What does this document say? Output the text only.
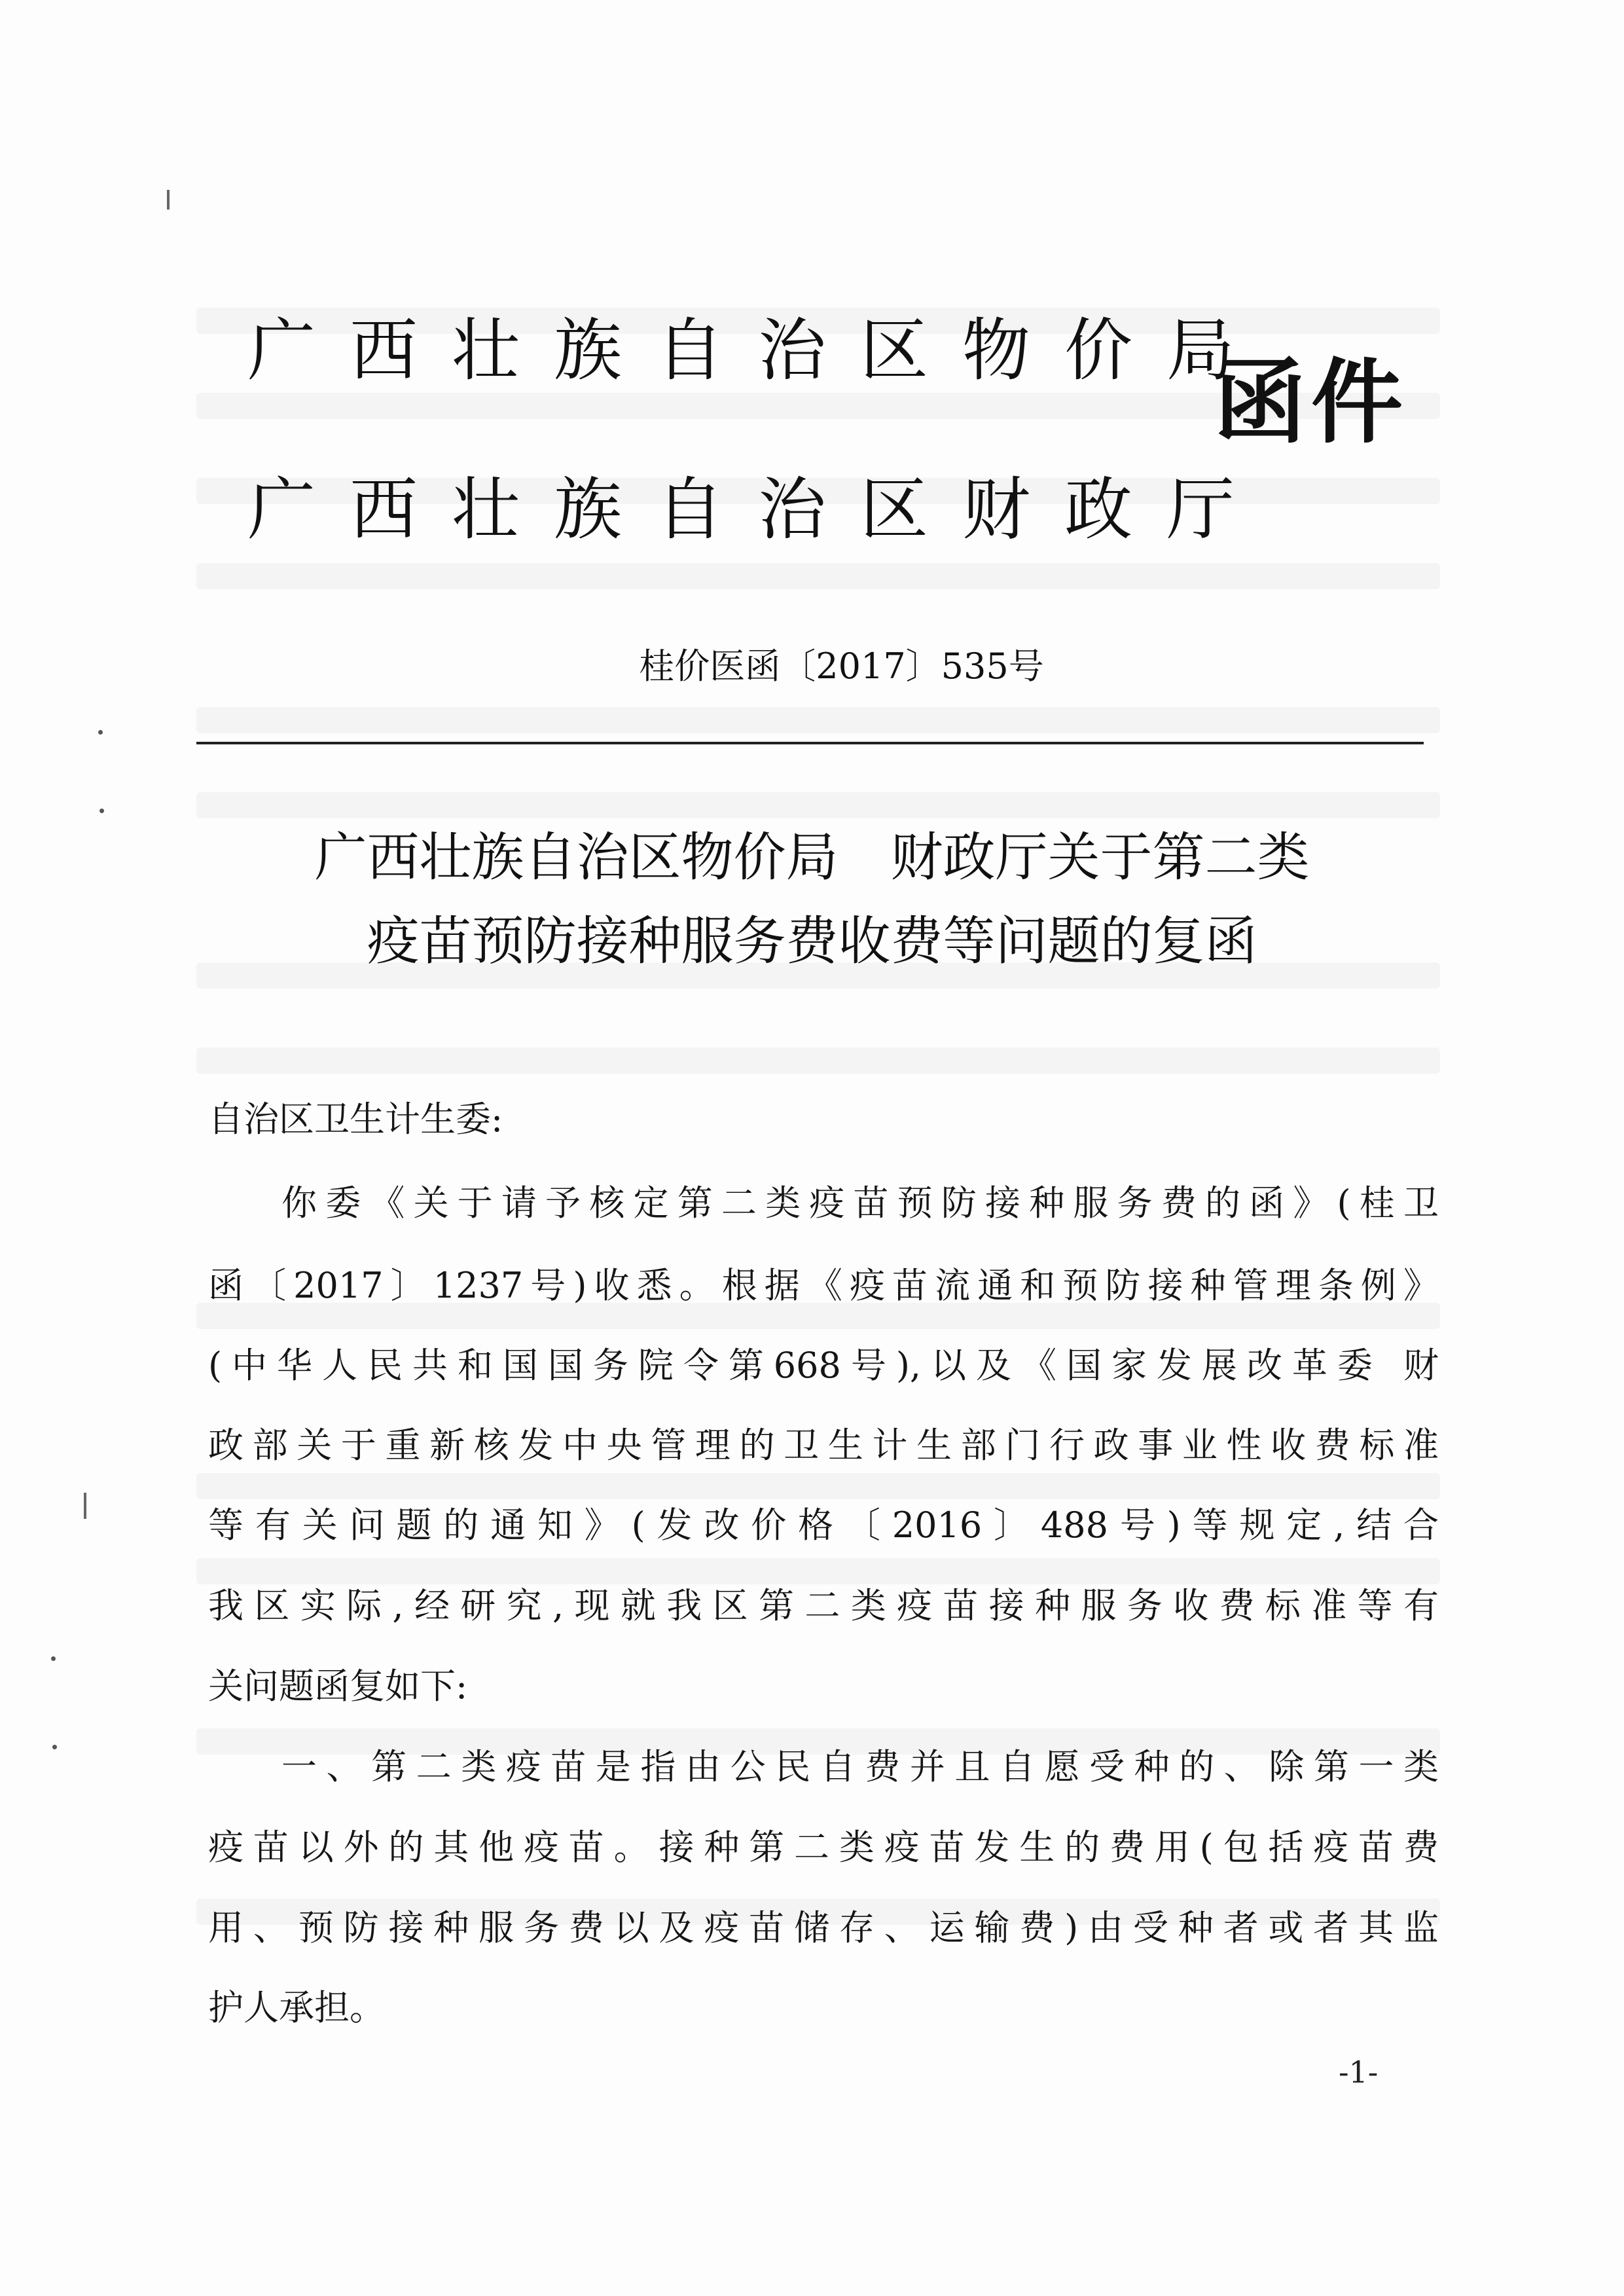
广西壮族自治区物价局
广西壮族自治区财政厅
函件
桂价医函〔2017〕535号
广西壮族自治区物价局　财政厅关于第二类
疫苗预防接种服务费收费等问题的复函
自治区卫生计生委:
你委《关于请予核定第二类疫苗预防接种服务费的函》(桂卫
函〔2017〕1237号)收悉。根据《疫苗流通和预防接种管理条例》
(中华人民共和国国务院令第668号),以及《国家发展改革委 财
政部关于重新核发中央管理的卫生计生部门行政事业性收费标准
等有关问题的通知》(发改价格〔2016〕488号)等规定,结合
我区实际,经研究,现就我区第二类疫苗接种服务收费标准等有
关问题函复如下:
一、第二类疫苗是指由公民自费并且自愿受种的、除第一类
疫苗以外的其他疫苗。接种第二类疫苗发生的费用(包括疫苗费
用、预防接种服务费以及疫苗储存、运输费)由受种者或者其监
护人承担。
-1-
